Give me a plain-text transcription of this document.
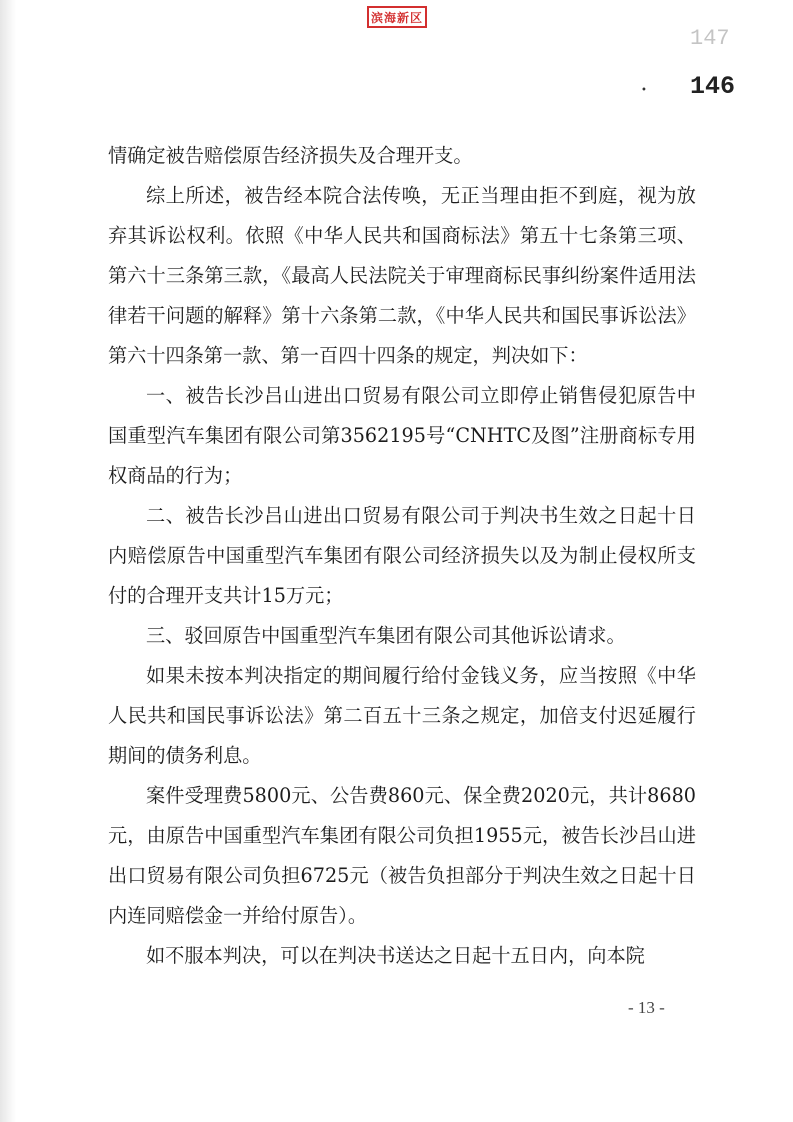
滨海新区
147
• 146

情确定被告赔偿原告经济损失及合理开支。

综上所述，被告经本院合法传唤，无正当理由拒不到庭，视为放弃其诉讼权利。依照《中华人民共和国商标法》第五十七条第三项、第六十三条第三款，《最高人民法院关于审理商标民事纠纷案件适用法律若干问题的解释》第十六条第二款，《中华人民共和国民事诉讼法》第六十四条第一款、第一百四十四条的规定，判决如下：

一、被告长沙吕山进出口贸易有限公司立即停止销售侵犯原告中国重型汽车集团有限公司第3562195号“CNHTC及图”注册商标专用权商品的行为；

二、被告长沙吕山进出口贸易有限公司于判决书生效之日起十日内赔偿原告中国重型汽车集团有限公司经济损失以及为制止侵权所支付的合理开支共计15万元；

三、驳回原告中国重型汽车集团有限公司其他诉讼请求。

如果未按本判决指定的期间履行给付金钱义务，应当按照《中华人民共和国民事诉讼法》第二百五十三条之规定，加倍支付迟延履行期间的债务利息。

案件受理费5800元、公告费860元、保全费2020元，共计8680元，由原告中国重型汽车集团有限公司负担1955元，被告长沙吕山进出口贸易有限公司负担6725元（被告负担部分于判决生效之日起十日内连同赔偿金一并给付原告）。

如不服本判决，可以在判决书送达之日起十五日内，向本院

- 13 -
